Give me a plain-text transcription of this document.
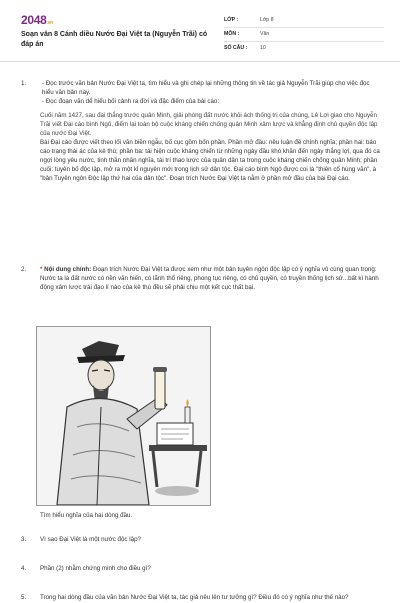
2048.vn
Soạn văn 8 Cánh diều Nước Đại Việt ta (Nguyễn Trãi) có đáp án
LỚP :	Lớp 8
MÔN :	Văn
SỐ CÂU :	10
1.	- Đọc trước văn bản Nước Đại Việt ta, tìm hiểu và ghi chép lại những thông tin về tác giả Nguyễn Trãi giúp cho việc đọc hiểu văn bản này.
- Đọc đoạn văn dể hiểu bối cảnh ra đời và đặc điểm của bài cáo:
Cuối năm 1427, sau đại thắng trước quân Minh, giải phóng đất nước khỏi ách thống trị của chúng, Lê Lợi giao cho Nguyễn Trãi viết Đại cáo bình Ngô, điểm lại toàn bộ cuộc kháng chiến chống quân Minh xâm lược và khẳng định chủ quyền độc lập của nước Đại Việt.
Bài Đại cáo được viết theo lối văn biền ngẫu, bố cục gồm bốn phần. Phần mở đầu: nêu luận đề chính nghĩa; phần hai: báo cáo trạng thái ác của kẻ thù; phần ba: tái hiện cuộc kháng chiến từ những ngày đầu khó khăn đến ngày thắng lợi, qua đó ca ngợi lòng yêu nước, tinh thần nhân nghĩa, tài trí thao lược của quân dân ta trong cuộc kháng chiến chống quân Minh; phần cuối: tuyên bố độc lập, mở ra một kỉ nguyên mới trong lịch sử dân tộc. Đại cáo bình Ngô được coi là "thiên cổ hùng văn", à "bản Tuyên ngôn Độc lập thứ hai của dân tộc". Đoạn trích Nước Đại Việt ta nằm ở phần mở đầu của bài Đại cáo.
2. * Nội dung chính: Đoạn trích Nước Đại Việt ta được xem như một bản tuyên ngôn độc lập có ý nghĩa vô cùng quan trọng: Nước ta là đất nước có nền văn hiến, có lãnh thổ riêng, phong tục riêng, có chủ quyền, có truyền thống lịch sử...bất kì hành động xâm lược trái đạo lí nào của kẻ thù đều sẽ phải chịu một kết cục thất bại.
Tìm hiểu nghĩa của hai dòng đầu.
3. Vì sao Đại Việt là một nước độc lập?
4. Phần (2) nhằm chứng minh cho điều gì?
5. Trong hai dòng đầu của văn bản Nước Đại Việt ta, tác giả nêu lên tư tưởng gì? Điều đó có ý nghĩa như thế nào?
